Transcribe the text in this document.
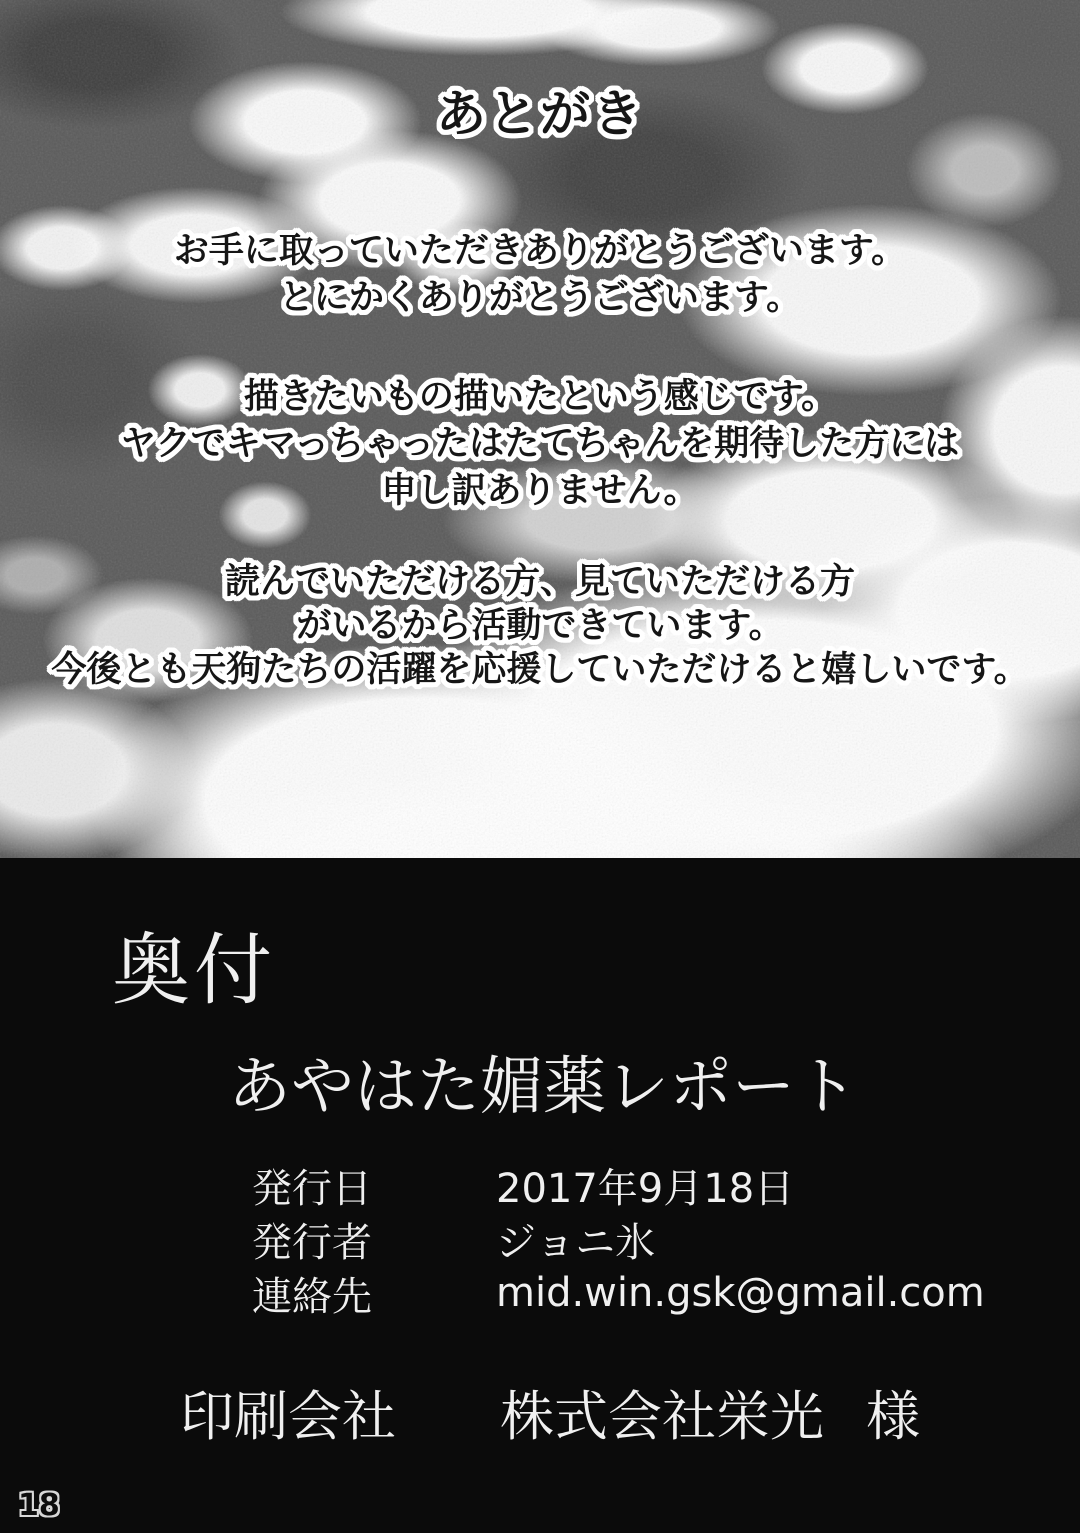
あとがき
お手に取っていただきありがとうございます。
とにかくありがとうございます。
描きたいもの描いたという感じです。
ヤクでキマっちゃったはたてちゃんを期待した方には
申し訳ありません。
読んでいただける方、見ていただける方
がいるから活動できています。
今後とも天狗たちの活躍を応援していただけると嬉しいです。
奥付
あやはた媚薬レポート
発行日	2017年9月18日
発行者	ジョニ氷
連絡先	mid.win.gsk@gmail.com
印刷会社 株式会社栄光 様
18
